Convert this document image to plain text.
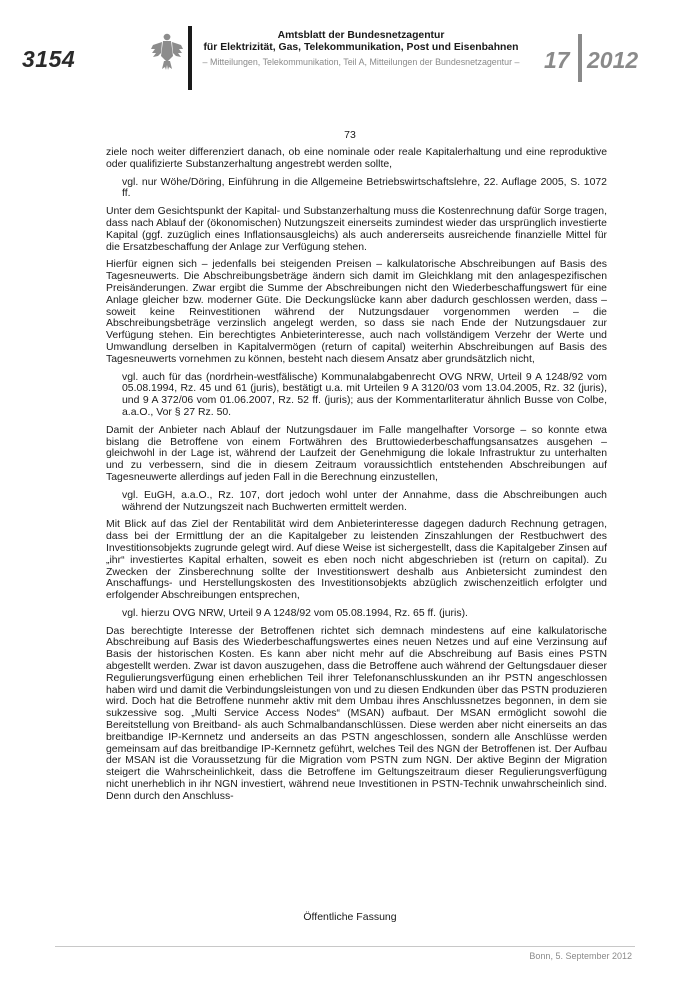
3154
Amtsblatt der Bundesnetzagentur
für Elektrizität, Gas, Telekommunikation, Post und Eisenbahnen
– Mitteilungen, Telekommunikation, Teil A, Mitteilungen der Bundesnetzagentur – 17 2012
73

ziele noch weiter differenziert danach, ob eine nominale oder reale Kapitalerhaltung und eine reproduktive oder qualifizierte Substanzerhaltung angestrebt werden sollte,

vgl. nur Wöhe/Döring, Einführung in die Allgemeine Betriebswirtschaftslehre, 22. Auflage 2005, S. 1072 ff.

Unter dem Gesichtspunkt der Kapital- und Substanzerhaltung muss die Kostenrechnung dafür Sorge tragen, dass nach Ablauf der (ökonomischen) Nutzungszeit einerseits zumindest wieder das ursprünglich investierte Kapital (ggf. zuzüglich eines Inflationsausgleichs) als auch andererseits ausreichende finanzielle Mittel für die Ersatzbeschaffung der Anlage zur Verfügung stehen.

Hierfür eignen sich – jedenfalls bei steigenden Preisen – kalkulatorische Abschreibungen auf Basis des Tagesneuwerts. Die Abschreibungsbeträge ändern sich damit im Gleichklang mit den anlagespezifischen Preisänderungen. Zwar ergibt die Summe der Abschreibungen nicht den Wiederbeschaffungswert für eine Anlage gleicher bzw. moderner Güte. Die Deckungslücke kann aber dadurch geschlossen werden, dass – soweit keine Reinvestitionen während der Nutzungsdauer vorgenommen werden – die Abschreibungsbeträge verzinslich angelegt werden, so dass sie nach Ende der Nutzungsdauer zur Verfügung stehen. Ein berechtigtes Anbieterinteresse, auch nach vollständigem Verzehr der Werte und Umwandlung derselben in Kapitalvermögen (return of capital) weiterhin Abschreibungen auf Basis des Tagesneuwerts vornehmen zu können, besteht nach diesem Ansatz aber grundsätzlich nicht,

vgl. auch für das (nordrhein-westfälische) Kommunalabgabenrecht OVG NRW, Urteil 9 A 1248/92 vom 05.08.1994, Rz. 45 und 61 (juris), bestätigt u.a. mit Urteilen 9 A 3120/03 vom 13.04.2005, Rz. 32 (juris), und 9 A 372/06 vom 01.06.2007, Rz. 52 ff. (juris); aus der Kommentarliteratur ähnlich Busse von Colbe, a.a.O., Vor § 27 Rz. 50.

Damit der Anbieter nach Ablauf der Nutzungsdauer im Falle mangelhafter Vorsorge – so konnte etwa bislang die Betroffene von einem Fortwähren des Bruttowiederbeschaffungsansatzes ausgehen – gleichwohl in der Lage ist, während der Laufzeit der Genehmigung die lokale Infrastruktur zu unterhalten und zu verbessern, sind die in diesem Zeitraum voraussichtlich entstehenden Abschreibungen auf Tagesneuwerte allerdings auf jeden Fall in die Berechnung einzustellen,

vgl. EuGH, a.a.O., Rz. 107, dort jedoch wohl unter der Annahme, dass die Abschreibungen auch während der Nutzungszeit nach Buchwerten ermittelt werden.

Mit Blick auf das Ziel der Rentabilität wird dem Anbieterinteresse dagegen dadurch Rechnung getragen, dass bei der Ermittlung der an die Kapitalgeber zu leistenden Zinszahlungen der Restbuchwert des Investitionsobjekts zugrunde gelegt wird. Auf diese Weise ist sichergestellt, dass die Kapitalgeber Zinsen auf „ihr“ investiertes Kapital erhalten, soweit es eben noch nicht abgeschrieben ist (return on capital). Zu Zwecken der Zinsberechnung sollte der Investitionswert deshalb aus Anbietersicht zumindest den Anschaffungs- und Herstellungskosten des Investitionsobjekts abzüglich zwischenzeitlich erfolgter und erfolgender Abschreibungen entsprechen,

vgl. hierzu OVG NRW, Urteil 9 A 1248/92 vom 05.08.1994, Rz. 65 ff. (juris).

Das berechtigte Interesse der Betroffenen richtet sich demnach mindestens auf eine kalkulatorische Abschreibung auf Basis des Wiederbeschaffungswertes eines neuen Netzes und auf eine Verzinsung auf Basis der historischen Kosten. Es kann aber nicht mehr auf die Abschreibung auf Basis eines PSTN abgestellt werden. Zwar ist davon auszugehen, dass die Betroffene auch während der Geltungsdauer dieser Regulierungsverfügung einen erheblichen Teil ihrer Telefonanschlusskunden an ihr PSTN angeschlossen haben wird und damit die Verbindungsleistungen von und zu diesen Endkunden über das PSTN produzieren wird. Doch hat die Betroffene nunmehr aktiv mit dem Umbau ihres Anschlussnetzes begonnen, in dem sie sukzessive sog. „Multi Service Access Nodes“ (MSAN) aufbaut. Der MSAN ermöglicht sowohl die Bereitstellung von Breitband- als auch Schmalbandanschlüssen. Diese werden aber nicht einerseits an das breitbandige IP-Kernnetz und anderseits an das PSTN angeschlossen, sondern alle Anschlüsse werden gemeinsam auf das breitbandige IP-Kernnetz geführt, welches Teil des NGN der Betroffenen ist. Der Aufbau der MSAN ist die Voraussetzung für die Migration vom PSTN zum NGN. Der aktive Beginn der Migration steigert die Wahrscheinlichkeit, dass die Betroffene im Geltungszeitraum dieser Regulierungsverfügung nicht unerheblich in ihr NGN investiert, während neue Investitionen in PSTN-Technik unwahrscheinlich sind. Denn durch den Anschluss-

Öffentliche Fassung
Bonn, 5. September 2012
